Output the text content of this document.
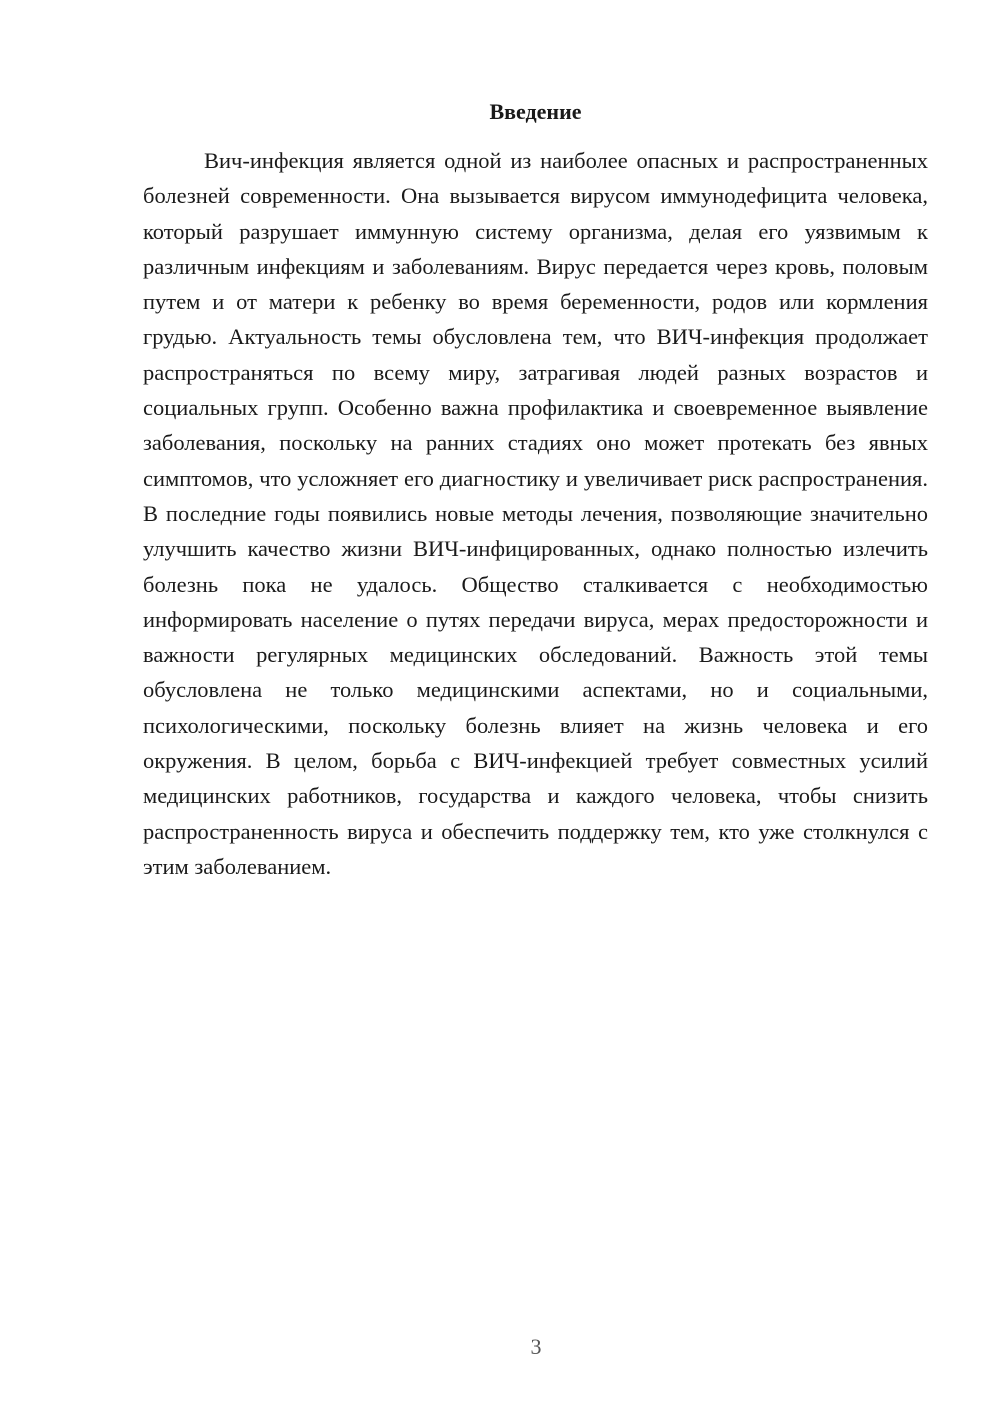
Введение

Вич-инфекция является одной из наиболее опасных и распространенных болезней современности. Она вызывается вирусом иммунодефицита человека, который разрушает иммунную систему организма, делая его уязвимым к различным инфекциям и заболеваниям. Вирус передается через кровь, половым путем и от матери к ребенку во время беременности, родов или кормления грудью. Актуальность темы обусловлена тем, что ВИЧ-инфекция продолжает распространяться по всему миру, затрагивая людей разных возрастов и социальных групп. Особенно важна профилактика и своевременное выявление заболевания, поскольку на ранних стадиях оно может протекать без явных симптомов, что усложняет его диагностику и увеличивает риск распространения. В последние годы появились новые методы лечения, позволяющие значительно улучшить качество жизни ВИЧ-инфицированных, однако полностью излечить болезнь пока не удалось. Общество сталкивается с необходимостью информировать население о путях передачи вируса, мерах предосторожности и важности регулярных медицинских обследований. Важность этой темы обусловлена не только медицинскими аспектами, но и социальными, психологическими, поскольку болезнь влияет на жизнь человека и его окружения. В целом, борьба с ВИЧ-инфекцией требует совместных усилий медицинских работников, государства и каждого человека, чтобы снизить распространенность вируса и обеспечить поддержку тем, кто уже столкнулся с этим заболеванием.

3
